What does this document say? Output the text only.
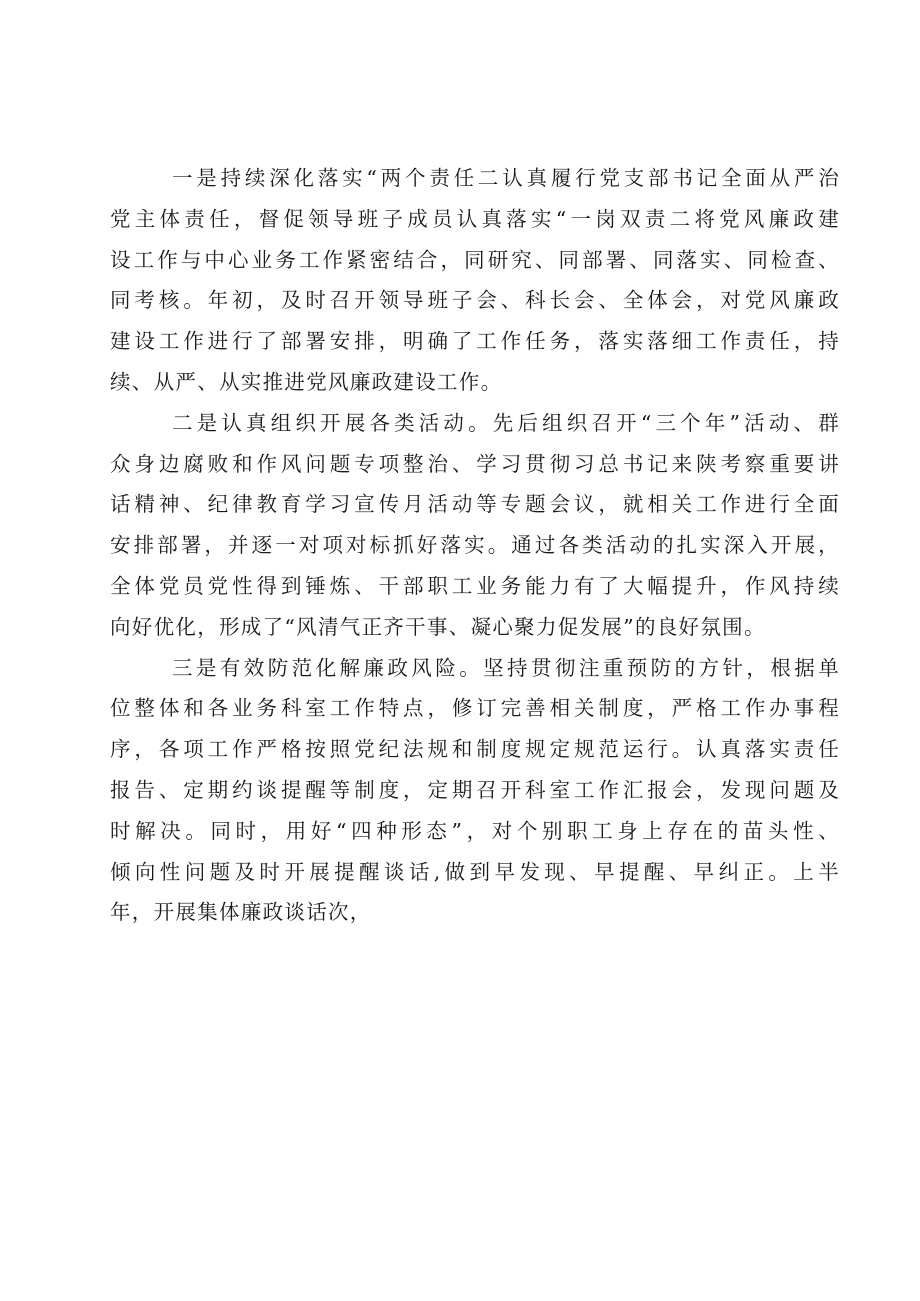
一是持续深化落实“两个责任二认真履行党支部书记全面从严治
党主体责任，督促领导班子成员认真落实“一岗双责二将党风廉政建
设工作与中心业务工作紧密结合，同研究、同部署、同落实、同检查、
同考核。年初，及时召开领导班子会、科长会、全体会，对党风廉政
建设工作进行了部署安排，明确了工作任务，落实落细工作责任，持
续、从严、从实推进党风廉政建设工作。
二是认真组织开展各类活动。先后组织召开“三个年”活动、群
众身边腐败和作风问题专项整治、学习贯彻习总书记来陕考察重要讲
话精神、纪律教育学习宣传月活动等专题会议，就相关工作进行全面
安排部署，并逐一对项对标抓好落实。通过各类活动的扎实深入开展，
全体党员党性得到锤炼、干部职工业务能力有了大幅提升，作风持续
向好优化，形成了“风清气正齐干事、凝心聚力促发展”的良好氛围。
三是有效防范化解廉政风险。坚持贯彻注重预防的方针，根据单
位整体和各业务科室工作特点，修订完善相关制度，严格工作办事程
序，各项工作严格按照党纪法规和制度规定规范运行。认真落实责任
报告、定期约谈提醒等制度，定期召开科室工作汇报会，发现问题及
时解决。同时，用好“四种形态”，对个别职工身上存在的苗头性、
倾向性问题及时开展提醒谈话,做到早发现、早提醒、早纠正。上半
年，开展集体廉政谈话次，
